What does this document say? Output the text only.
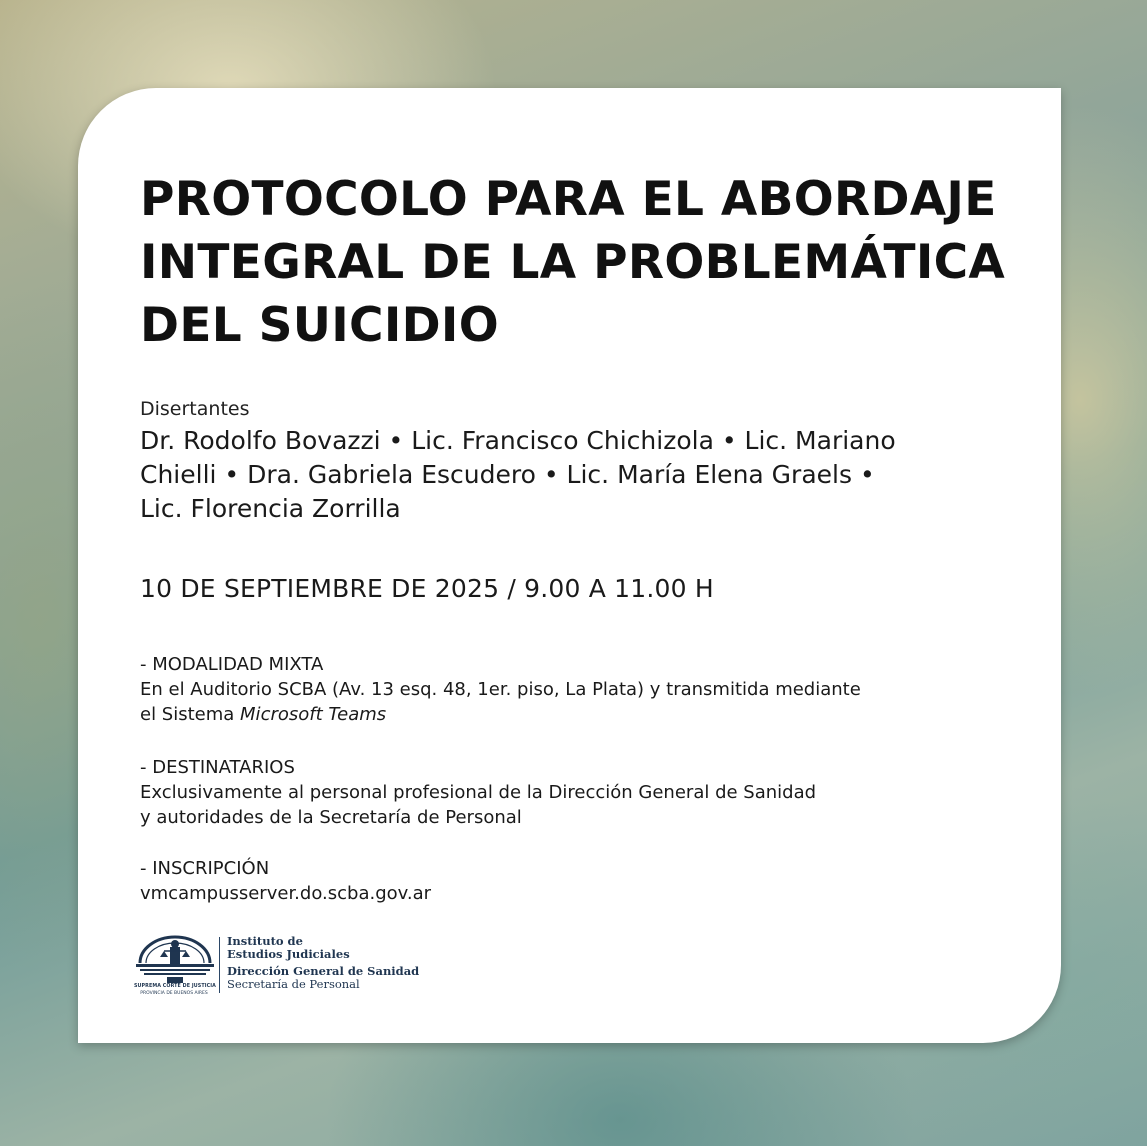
PROTOCOLO PARA EL ABORDAJE
INTEGRAL DE LA PROBLEMÁTICA
DEL SUICIDIO
Disertantes
Dr. Rodolfo Bovazzi • Lic. Francisco Chichizola • Lic. Mariano
Chielli • Dra. Gabriela Escudero • Lic. María Elena Graels •
Lic. Florencia Zorrilla
10 DE SEPTIEMBRE DE 2025 / 9.00 A 11.00 H
- MODALIDAD MIXTA
En el Auditorio SCBA (Av. 13 esq. 48, 1er. piso, La Plata) y transmitida mediante
el Sistema Microsoft Teams
- DESTINATARIOS
Exclusivamente al personal profesional de la Dirección General de Sanidad
y autoridades de la Secretaría de Personal
- INSCRIPCIÓN
vmcampusserver.do.scba.gov.ar
SUPREMA CORTE DE JUSTICIA
PROVINCIA DE BUENOS AIRES
Instituto de
Estudios Judiciales
Dirección General de Sanidad
Secretaría de Personal
